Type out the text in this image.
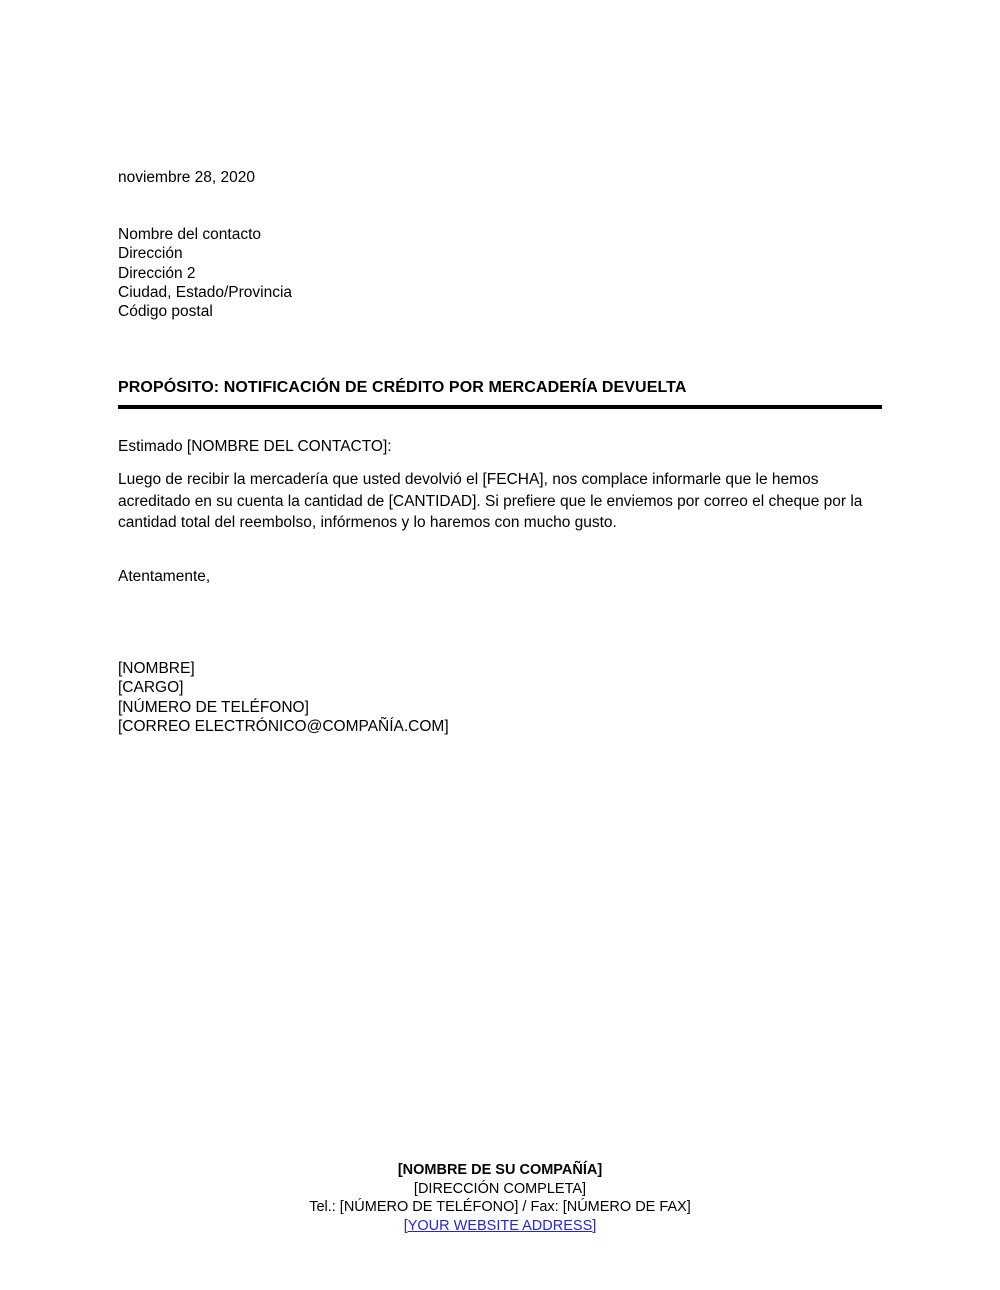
noviembre 28, 2020
Nombre del contacto
Dirección
Dirección 2
Ciudad, Estado/Provincia
Código postal
PROPÓSITO: NOTIFICACIÓN DE CRÉDITO POR MERCADERÍA DEVUELTA
Estimado [NOMBRE DEL CONTACTO]:
Luego de recibir la mercadería que usted devolvió el [FECHA], nos complace informarle que le hemos acreditado en su cuenta la cantidad de [CANTIDAD]. Si prefiere que le enviemos por correo el cheque por la cantidad total del reembolso, infórmenos y lo haremos con mucho gusto.
Atentamente,
[NOMBRE]
[CARGO]
[NÚMERO DE TELÉFONO]
[CORREO ELECTRÓNICO@COMPAÑÍA.COM]
[NOMBRE DE SU COMPAÑÍA]
[DIRECCIÓN COMPLETA]
Tel.: [NÚMERO DE TELÉFONO] / Fax: [NÚMERO DE FAX]
[YOUR WEBSITE ADDRESS]
